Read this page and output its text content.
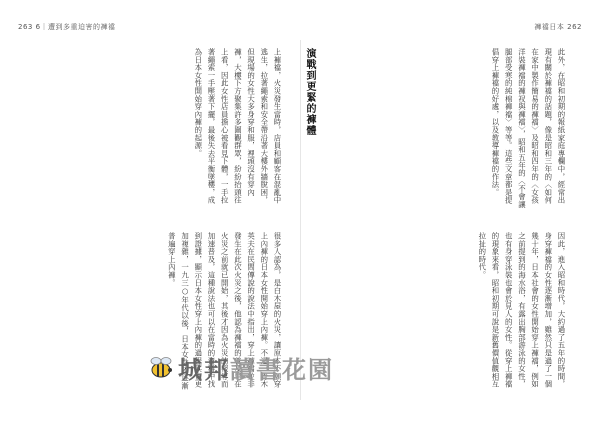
263 6｜遭到多重迫害的褲襠	褲襠日本 262
此外，在昭和初期的報紙家庭專欄中，經常出現有關於褲襠的話題，像是昭和三年的〈如何在家中製作簡易的褲襠〉及昭和四年的〈女孩洋裝褲襠的褲衩與褲襠〉，昭和五年的〈不會讓腿部受寒的純棉褲襠〉等等。這些文章都是提倡穿上褲襠的好處，以及教導褲襠的作法。
因此，進入昭和時代，大約過了五年的時間，身穿褲襠的女性逐漸增加，雖然只是過了一個幾十年，日本社會的女性開始穿上褲襠，例如之前提到的海水浴，有露出胸部游泳的女性，也有身穿泳裝也會於見人的女性。從穿上褲襠的現象來看，昭和初期可說是新舊價值觀相互拉扯的時代。
演戰到更緊的褲體
上褲襠，火災發生當時，店員和顧客在混亂中逃生，拉著繩索和安全帶沿著大樓外牆脫困，但現場的女性大多身穿和服，裡頭沒有穿內褲，大樓下方聚集許多圍觀群眾，紛紛抬頭往上看，因此女性店員擔心被看見下體，一手拉著繩索一手壓著下擺，最後失去平衡墜樓，成為日本女性開始穿內褲的起源。
很多人認為，是白木屋的火災，讓原本不願穿上內褲的日本女性開始穿上內褲。不過，青木英夫在民間傳說的說法中指出，穿上褲襠並非發生在此次火災之後，他認為褲襠的普及早在火災之前就已開始，其後才因為火災的報導而加速普及，這種說法也可以在當時的資料中找到證據，顯示日本女性穿上內褲的過程其實更加複雜，一九三○年代以後，日本女性才逐漸普遍穿上內褲。
城邦讀書花園
